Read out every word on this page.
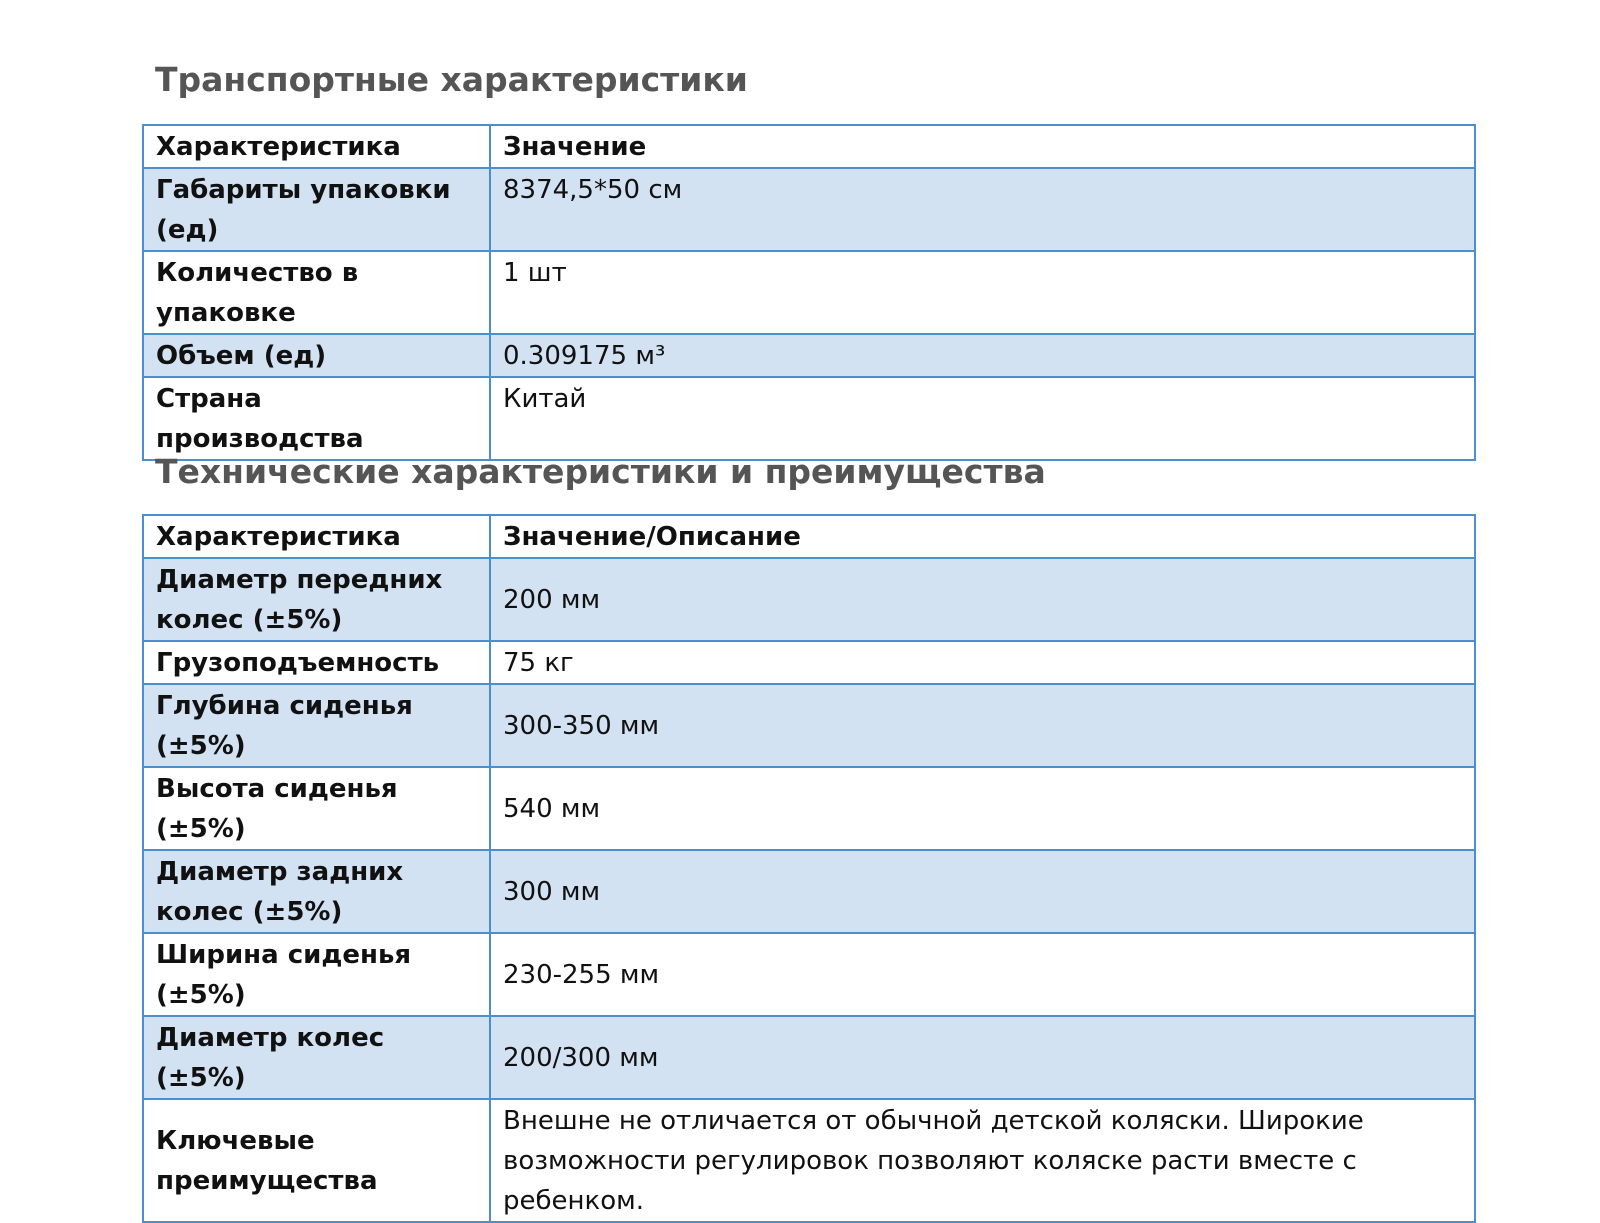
Транспортные характеристики
Характеристика	Значение
Габариты упаковки (ед)	8374,5*50 см
Количество в упаковке	1 шт
Объем (ед)	0.309175 м³
Страна производства	Китай
Технические характеристики и преимущества
Характеристика	Значение/Описание
Диаметр передних колес (±5%)	200 мм
Грузоподъемность	75 кг
Глубина сиденья (±5%)	300-350 мм
Высота сиденья (±5%)	540 мм
Диаметр задних колес (±5%)	300 мм
Ширина сиденья (±5%)	230-255 мм
Диаметр колес (±5%)	200/300 мм
Ключевые преимущества	Внешне не отличается от обычной детской коляски. Широкие возможности регулировок позволяют коляске расти вместе с ребенком.
